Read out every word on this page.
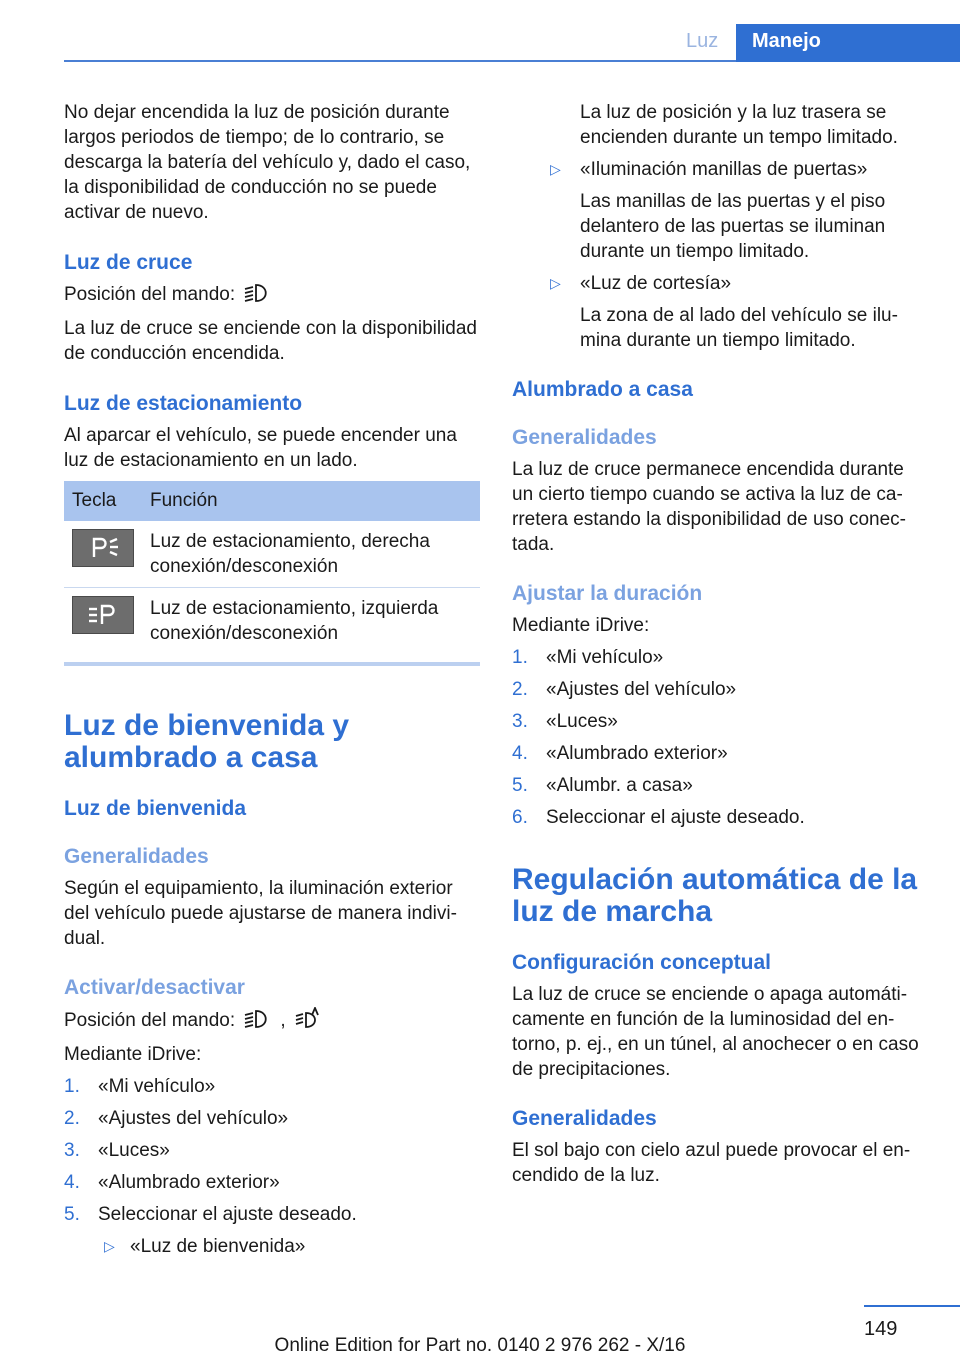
Luz	Manejo

No dejar encendida la luz de posición durante largos periodos de tiempo; de lo contrario, se descarga la batería del vehículo y, dado el caso, la disponibilidad de conducción no se puede activar de nuevo.

Luz de cruce

Posición del mando:

La luz de cruce se enciende con la disponibilidad de conducción encendida.

Luz de estacionamiento

Al aparcar el vehículo, se puede encender una luz de estacionamiento en un lado.

Tecla	Función

	Luz de estacionamiento, derecha conexión/desconexión

	Luz de estacionamiento, izquierda conexión/desconexión
Luz de bienvenida y alumbrado a casa
Luz de bienvenida
Generalidades

Según el equipamiento, la iluminación exterior del vehículo puede ajustarse de manera individual.

Activar/desactivar

Posición del mando: ,

Mediante iDrive:

1. «Mi vehículo»
2. «Ajustes del vehículo»
3. «Luces»
4. «Alumbrado exterior»
5. Seleccionar el ajuste deseado.
▷ «Luz de bienvenida»

La luz de posición y la luz trasera se encienden durante un tempo limitado.

▷ «Iluminación manillas de puertas»

Las manillas de las puertas y el piso delantero de las puertas se iluminan durante un tiempo limitado.

▷ «Luz de cortesía»

La zona de al lado del vehículo se ilumina durante un tiempo limitado.

Alumbrado a casa
Generalidades

La luz de cruce permanece encendida durante un cierto tiempo cuando se activa la luz de carretera estando la disponibilidad de uso conectada.

Ajustar la duración

Mediante iDrive:

1. «Mi vehículo»
2. «Ajustes del vehículo»
3. «Luces»
4. «Alumbrado exterior»
5. «Alumbr. a casa»
6. Seleccionar el ajuste deseado.
Regulación automática de la luz de marcha
Configuración conceptual

La luz de cruce se enciende o apaga automáticamente en función de la luminosidad del entorno, p. ej., en un túnel, al anochecer o en caso de precipitaciones.

Generalidades

El sol bajo con cielo azul puede provocar el encendido de la luz.

149
Online Edition for Part no. 0140 2 976 262 - X/16
